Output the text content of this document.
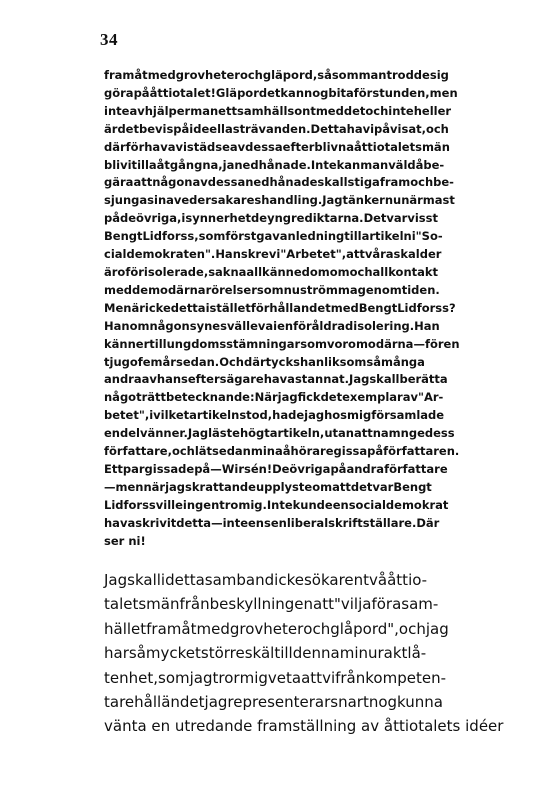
34
framåtmedgrovheterochgläpord,såsommantroddesig
görapååttiotalet!Gläpordetkannogbitaförstunden,men
inteavhjälpermanettsamhällsontmeddetochinteheller
ärdetbevispåideellasträvanden.Dettahavipåvisat,och
därförhavavistädseavdessaefterblivnaåttiotaletsmän
blivitillaåtgångna,janedhånade.Intekanmanväldåbe-
gäraattnågonavdessanedhånadeskallstigaframochbe-
sjungasinavedersakareshandling.Jagtänkernunärmast
pådeövriga,isynnerhetdeyngrediktarna.Detvarvisst
BengtLidforss,somförstgavanledningtillartikelni"So-
cialdemokraten".Hanskrevi"Arbetet",attvåraskalder
äroförisolerade,saknaallkännedomomochallkontakt
meddemodärnarörelsersomnuströmmagenomtiden.
MenärickedettaiställetförhållandetmedBengtLidforss?
Hanomnågonsynesvällevaienföråldradisolering.Han
kännertillungdomsstämningarsomvoromodärna—fören
tjugofemårsedan.Ochdärtyckshanliksomsåmånga
andraavhanseftersägarehavastannat.Jagskallberätta
någoträttbetecknande:Närjagfickdetexemplarav"Ar-
betet",ivilketartikelnstod,hadejaghosmigförsamlade
endelvänner.Jaglästehögtartikeln,utanattnamngedess
författare,ochlätsedanminaåhöraregissapåförfattaren.
Ettpargissadepå—Wirsén!Deövrigapåandraförfattare
—mennärjagskrattandeupplysteomattdetvarBengt
Lidforssvilleingentromig.Intekundeensocialdemokrat
havaskrivitdetta—inteensenliberalskriftställare.Där
ser ni!
Jagskallidettasambandickesökarentvååttio-
taletsmänfrånbeskyllningenatt"viljaförasam-
hälletframåtmedgrovheterochglåpord",ochjag
harsåmycketstörreskältilldennaminuraktlå-
tenhet,somjagtrormigvetaattvifrånkompeten-
tarehålländetjagrepresenterarsnartnogkunna
vänta en utredande framställning av åttiotalets idéer
